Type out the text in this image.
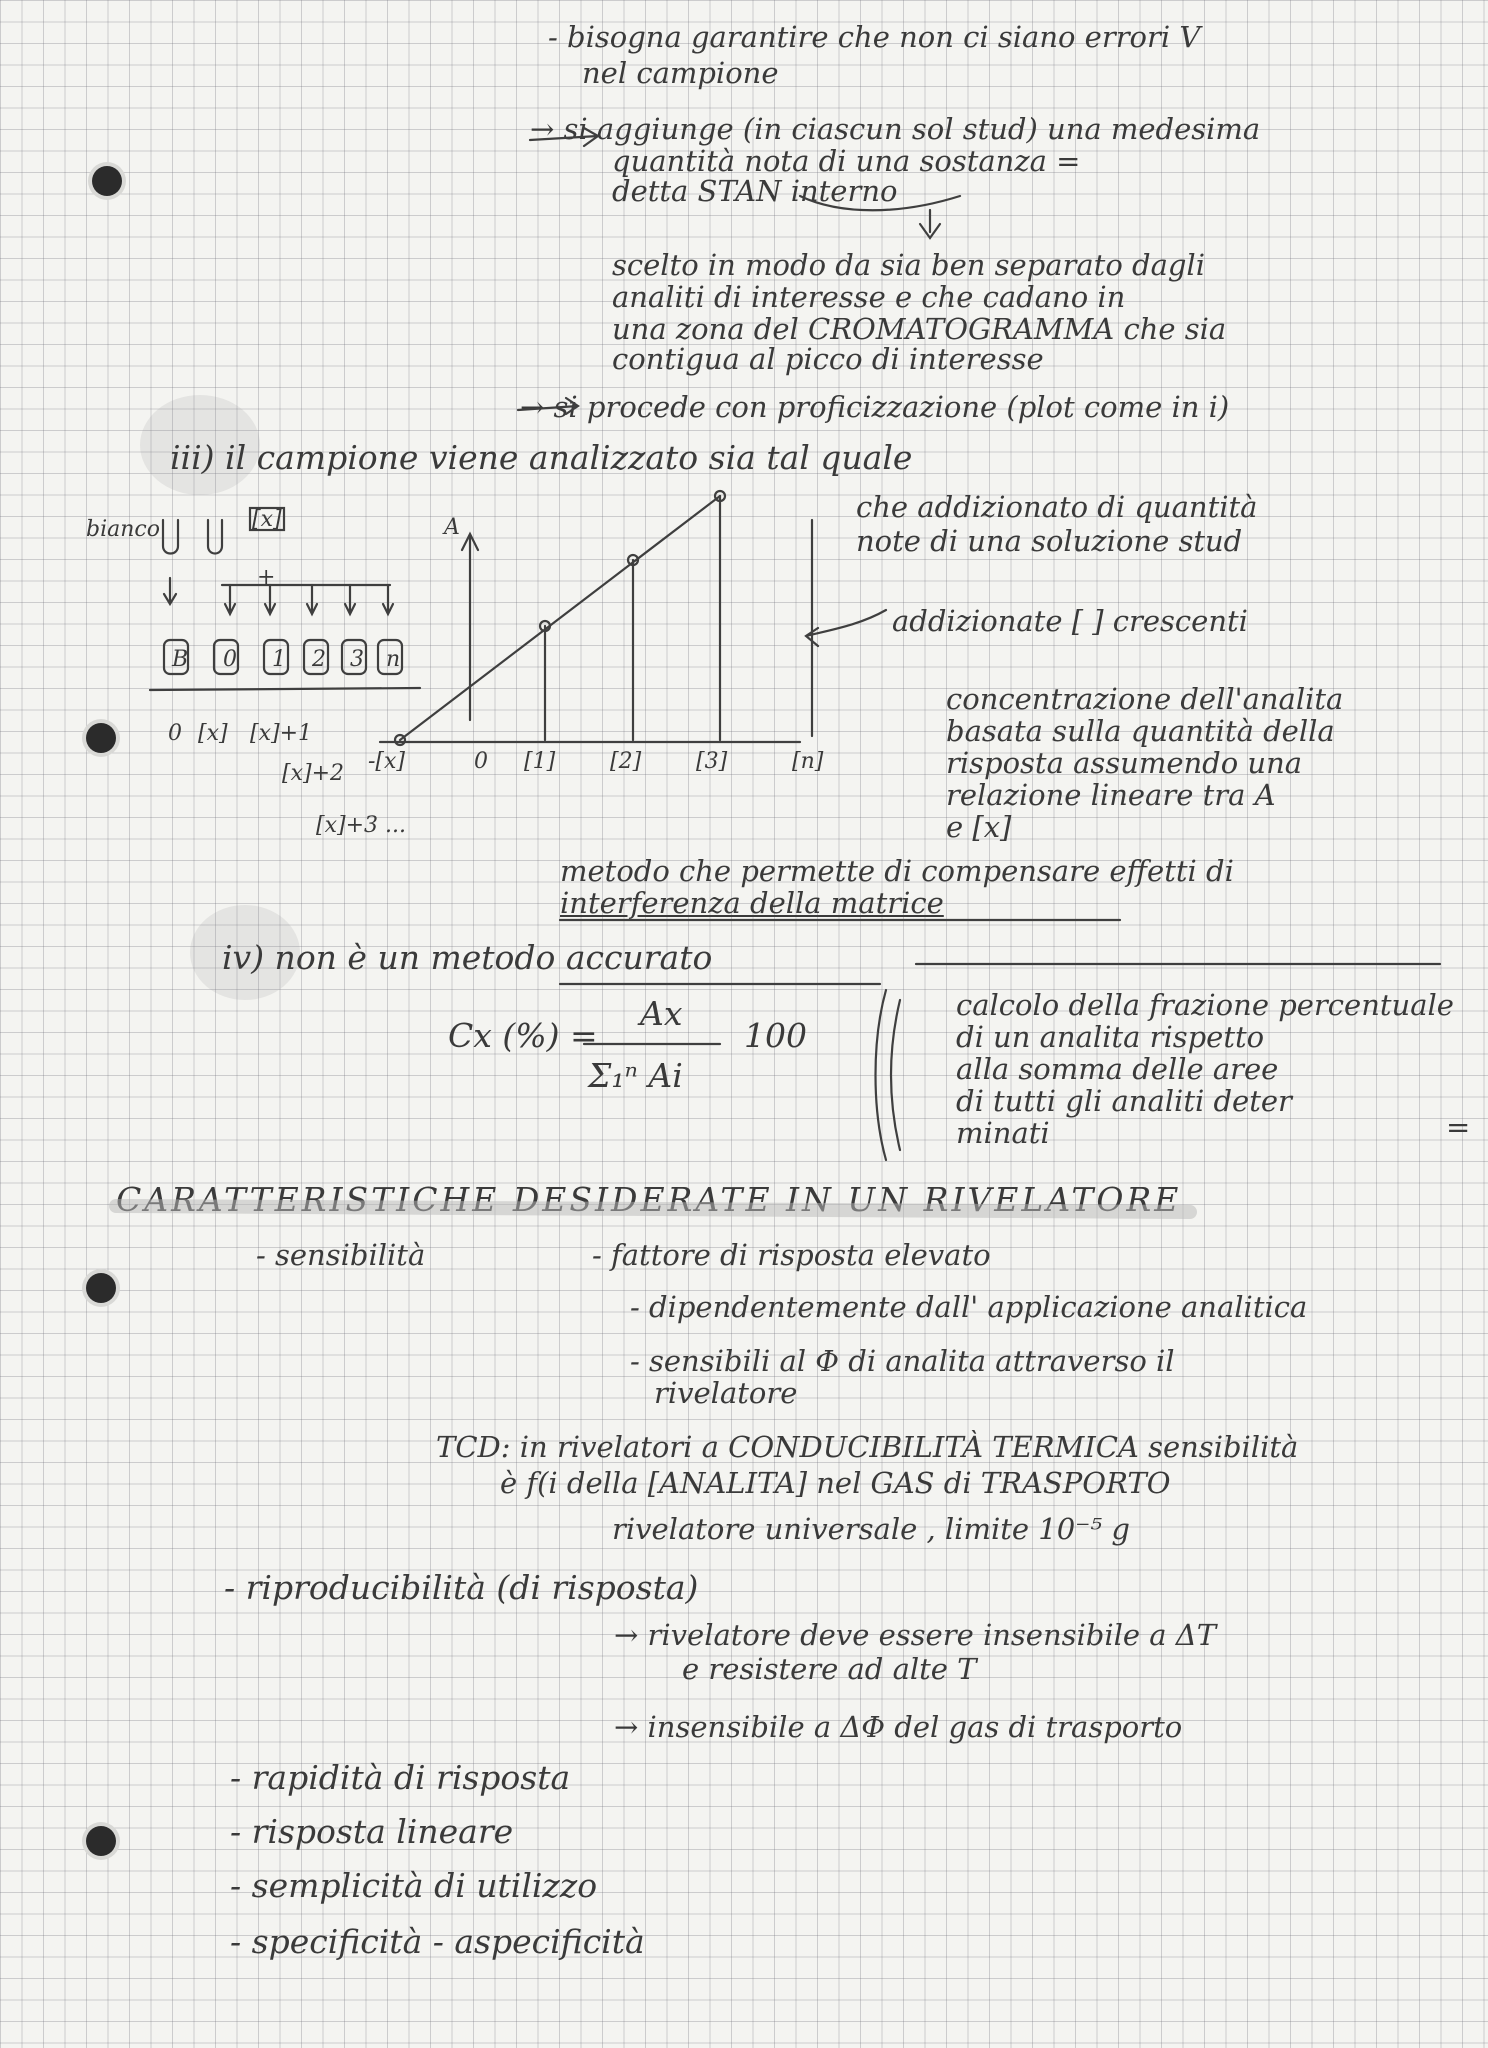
- bisogna garantire che non ci siano errori V
nel campione
→ si aggiunge (in ciascun sol stud) una medesima
quantità nota di una sostanza =
detta STAN interno
scelto in modo da sia ben separato dagli
analiti di interesse e che cadano in
una zona del CROMATOGRAMMA che sia
contigua al picco di interesse
→ si procede con proficizzazione (plot come in i)
iii) il campione viene analizzato sia tal quale
che addizionato di quantità
note di una soluzione stud
addizionate [ ] crescenti
concentrazione dell'analita
basata sulla quantità della
risposta assumendo una
relazione lineare tra A
e [x]
metodo che permette di compensare effetti di
interferenza della matrice
iv) non è un metodo accurato
Cx (%) =
Ax
Σ₁ⁿ Ai
100
calcolo della frazione percentuale
di un analita rispetto
alla somma delle aree
di tutti gli analiti deter
minati	=
CARATTERISTICHE DESIDERATE IN UN RIVELATORE
- sensibilità	- fattore di risposta elevato
- dipendentemente dall' applicazione analitica
- sensibili al Φ di analita attraverso il
rivelatore
TCD: in rivelatori a CONDUCIBILITÀ TERMICA sensibilità
è f(i della [ANALITA] nel GAS di TRASPORTO
rivelatore universale , limite 10⁻⁵ g
- riproducibilità (di risposta)
→ rivelatore deve essere insensibile a ΔT
e resistere ad alte T
→ insensibile a ΔΦ del gas di trasporto
- rapidità di risposta
- risposta lineare
- semplicità di utilizzo
- specificità - aspecificità
bianco	[x]
+
B 0 1 2 3 n
0 [x] [x]+1
[x]+2
[x]+3 ...
A
-[x]	0 [1] [2] [3]	[n]
